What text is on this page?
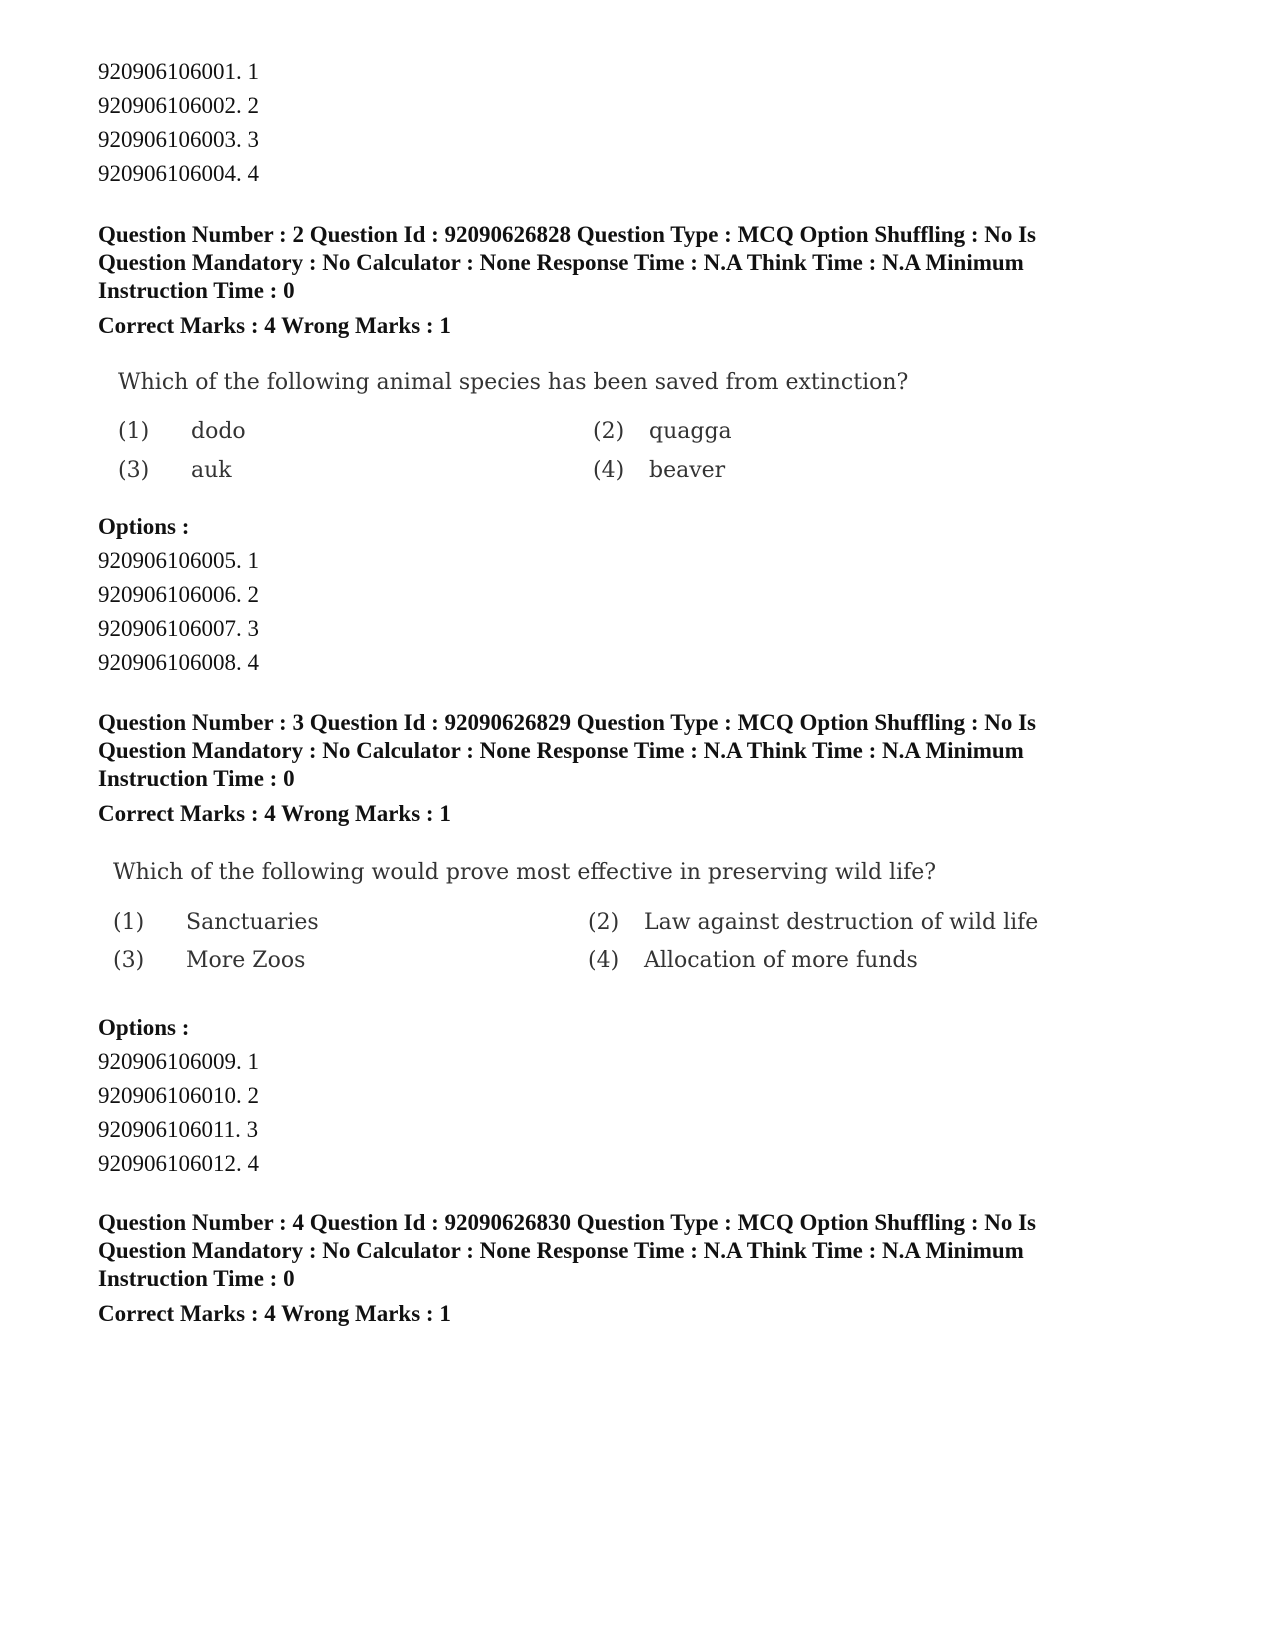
920906106001. 1
920906106002. 2
920906106003. 3
920906106004. 4
Question Number : 2 Question Id : 92090626828 Question Type : MCQ Option Shuffling : No Is
Question Mandatory : No Calculator : None Response Time : N.A Think Time : N.A Minimum
Instruction Time : 0
Correct Marks : 4 Wrong Marks : 1
Which of the following animal species has been saved from extinction?
(1) dodo	(2) quagga
(3) auk	(4) beaver
Options :
920906106005. 1
920906106006. 2
920906106007. 3
920906106008. 4
Question Number : 3 Question Id : 92090626829 Question Type : MCQ Option Shuffling : No Is
Question Mandatory : No Calculator : None Response Time : N.A Think Time : N.A Minimum
Instruction Time : 0
Correct Marks : 4 Wrong Marks : 1
Which of the following would prove most effective in preserving wild life?
(1) Sanctuaries	(2) Law against destruction of wild life
(3) More Zoos	(4) Allocation of more funds
Options :
920906106009. 1
920906106010. 2
920906106011. 3
920906106012. 4
Question Number : 4 Question Id : 92090626830 Question Type : MCQ Option Shuffling : No Is
Question Mandatory : No Calculator : None Response Time : N.A Think Time : N.A Minimum
Instruction Time : 0
Correct Marks : 4 Wrong Marks : 1
